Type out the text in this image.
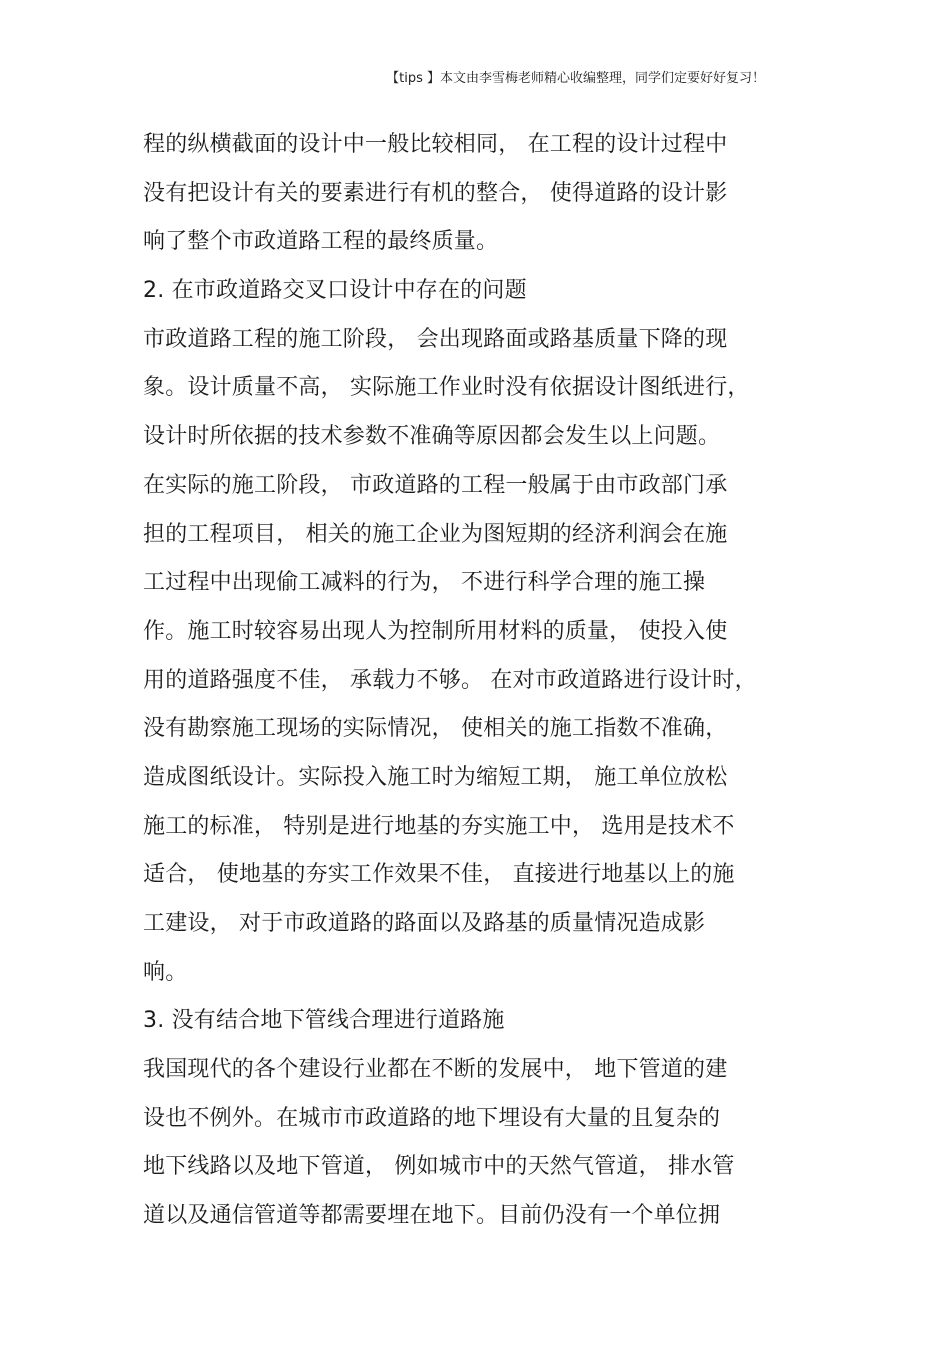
【tips 】本文由李雪梅老师精心收编整理，同学们定要好好复习！
程的纵横截面的设计中一般比较相同， 在工程的设计过程中
没有把设计有关的要素进行有机的整合， 使得道路的设计影
响了整个市政道路工程的最终质量。
2. 在市政道路交叉口设计中存在的问题
市政道路工程的施工阶段， 会出现路面或路基质量下降的现
象。设计质量不高， 实际施工作业时没有依据设计图纸进行，
设计时所依据的技术参数不准确等原因都会发生以上问题。
在实际的施工阶段， 市政道路的工程一般属于由市政部门承
担的工程项目， 相关的施工企业为图短期的经济利润会在施
工过程中出现偷工减料的行为， 不进行科学合理的施工操
作。施工时较容易出现人为控制所用材料的质量， 使投入使
用的道路强度不佳， 承载力不够。 在对市政道路进行设计时，
没有勘察施工现场的实际情况， 使相关的施工指数不准确，
造成图纸设计。实际投入施工时为缩短工期， 施工单位放松
施工的标准， 特别是进行地基的夯实施工中， 选用是技术不
适合， 使地基的夯实工作效果不佳， 直接进行地基以上的施
工建设， 对于市政道路的路面以及路基的质量情况造成影
响。
3. 没有结合地下管线合理进行道路施
我国现代的各个建设行业都在不断的发展中， 地下管道的建
设也不例外。在城市市政道路的地下埋设有大量的且复杂的
地下线路以及地下管道， 例如城市中的天然气管道， 排水管
道以及通信管道等都需要埋在地下。目前仍没有一个单位拥
